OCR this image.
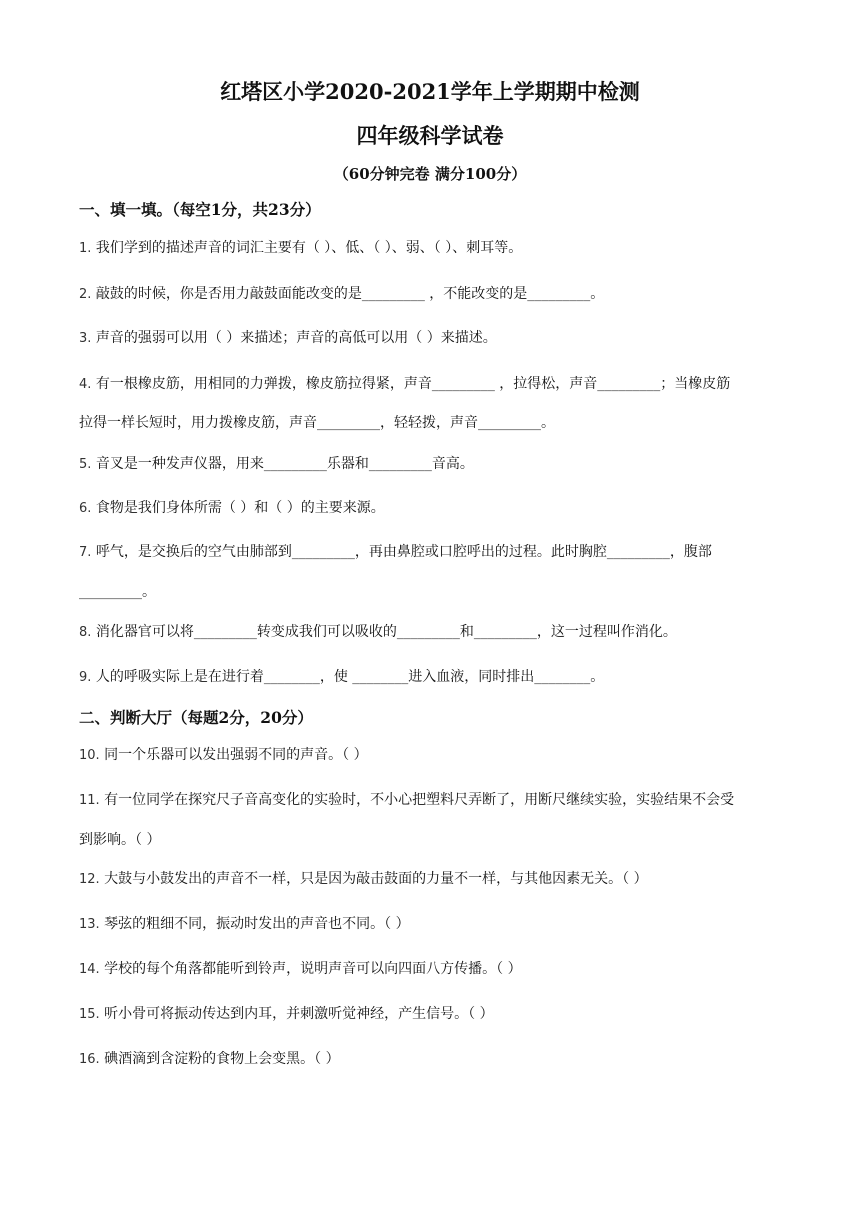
红塔区小学2020-2021学年上学期期中检测
四年级科学试卷
（60分钟完卷 满分100分）
一、填一填。（每空1分，共23分）
1. 我们学到的描述声音的词汇主要有（ ）、低、（ ）、弱、（ ）、刺耳等。
2. 敲鼓的时候，你是否用力敲鼓面能改变的是_________ ，不能改变的是_________。
3. 声音的强弱可以用（ ）来描述；声音的高低可以用（ ）来描述。
4. 有一根橡皮筋，用相同的力弹拨，橡皮筋拉得紧，声音_________ ，拉得松，声音_________；当橡皮筋
拉得一样长短时，用力拨橡皮筋，声音_________，轻轻拨，声音_________。
5. 音叉是一种发声仪器，用来_________乐器和_________音高。
6. 食物是我们身体所需（ ）和（ ）的主要来源。
7. 呼气，是交换后的空气由肺部到_________，再由鼻腔或口腔呼出的过程。此时胸腔_________，腹部
_________。
8. 消化器官可以将_________转变成我们可以吸收的_________和_________，这一过程叫作消化。
9. 人的呼吸实际上是在进行着________，使 ________进入血液，同时排出________。
二、判断大厅（每题2分，20分）
10. 同一个乐器可以发出强弱不同的声音。（ ）
11. 有一位同学在探究尺子音高变化的实验时，不小心把塑料尺弄断了，用断尺继续实验，实验结果不会受
到影响。（ ）
12. 大鼓与小鼓发出的声音不一样，只是因为敲击鼓面的力量不一样，与其他因素无关。（ ）
13. 琴弦的粗细不同，振动时发出的声音也不同。（ ）
14. 学校的每个角落都能听到铃声，说明声音可以向四面八方传播。（ ）
15. 听小骨可将振动传达到内耳，并刺激听觉神经，产生信号。（ ）
16. 碘酒滴到含淀粉的食物上会变黑。（ ）
